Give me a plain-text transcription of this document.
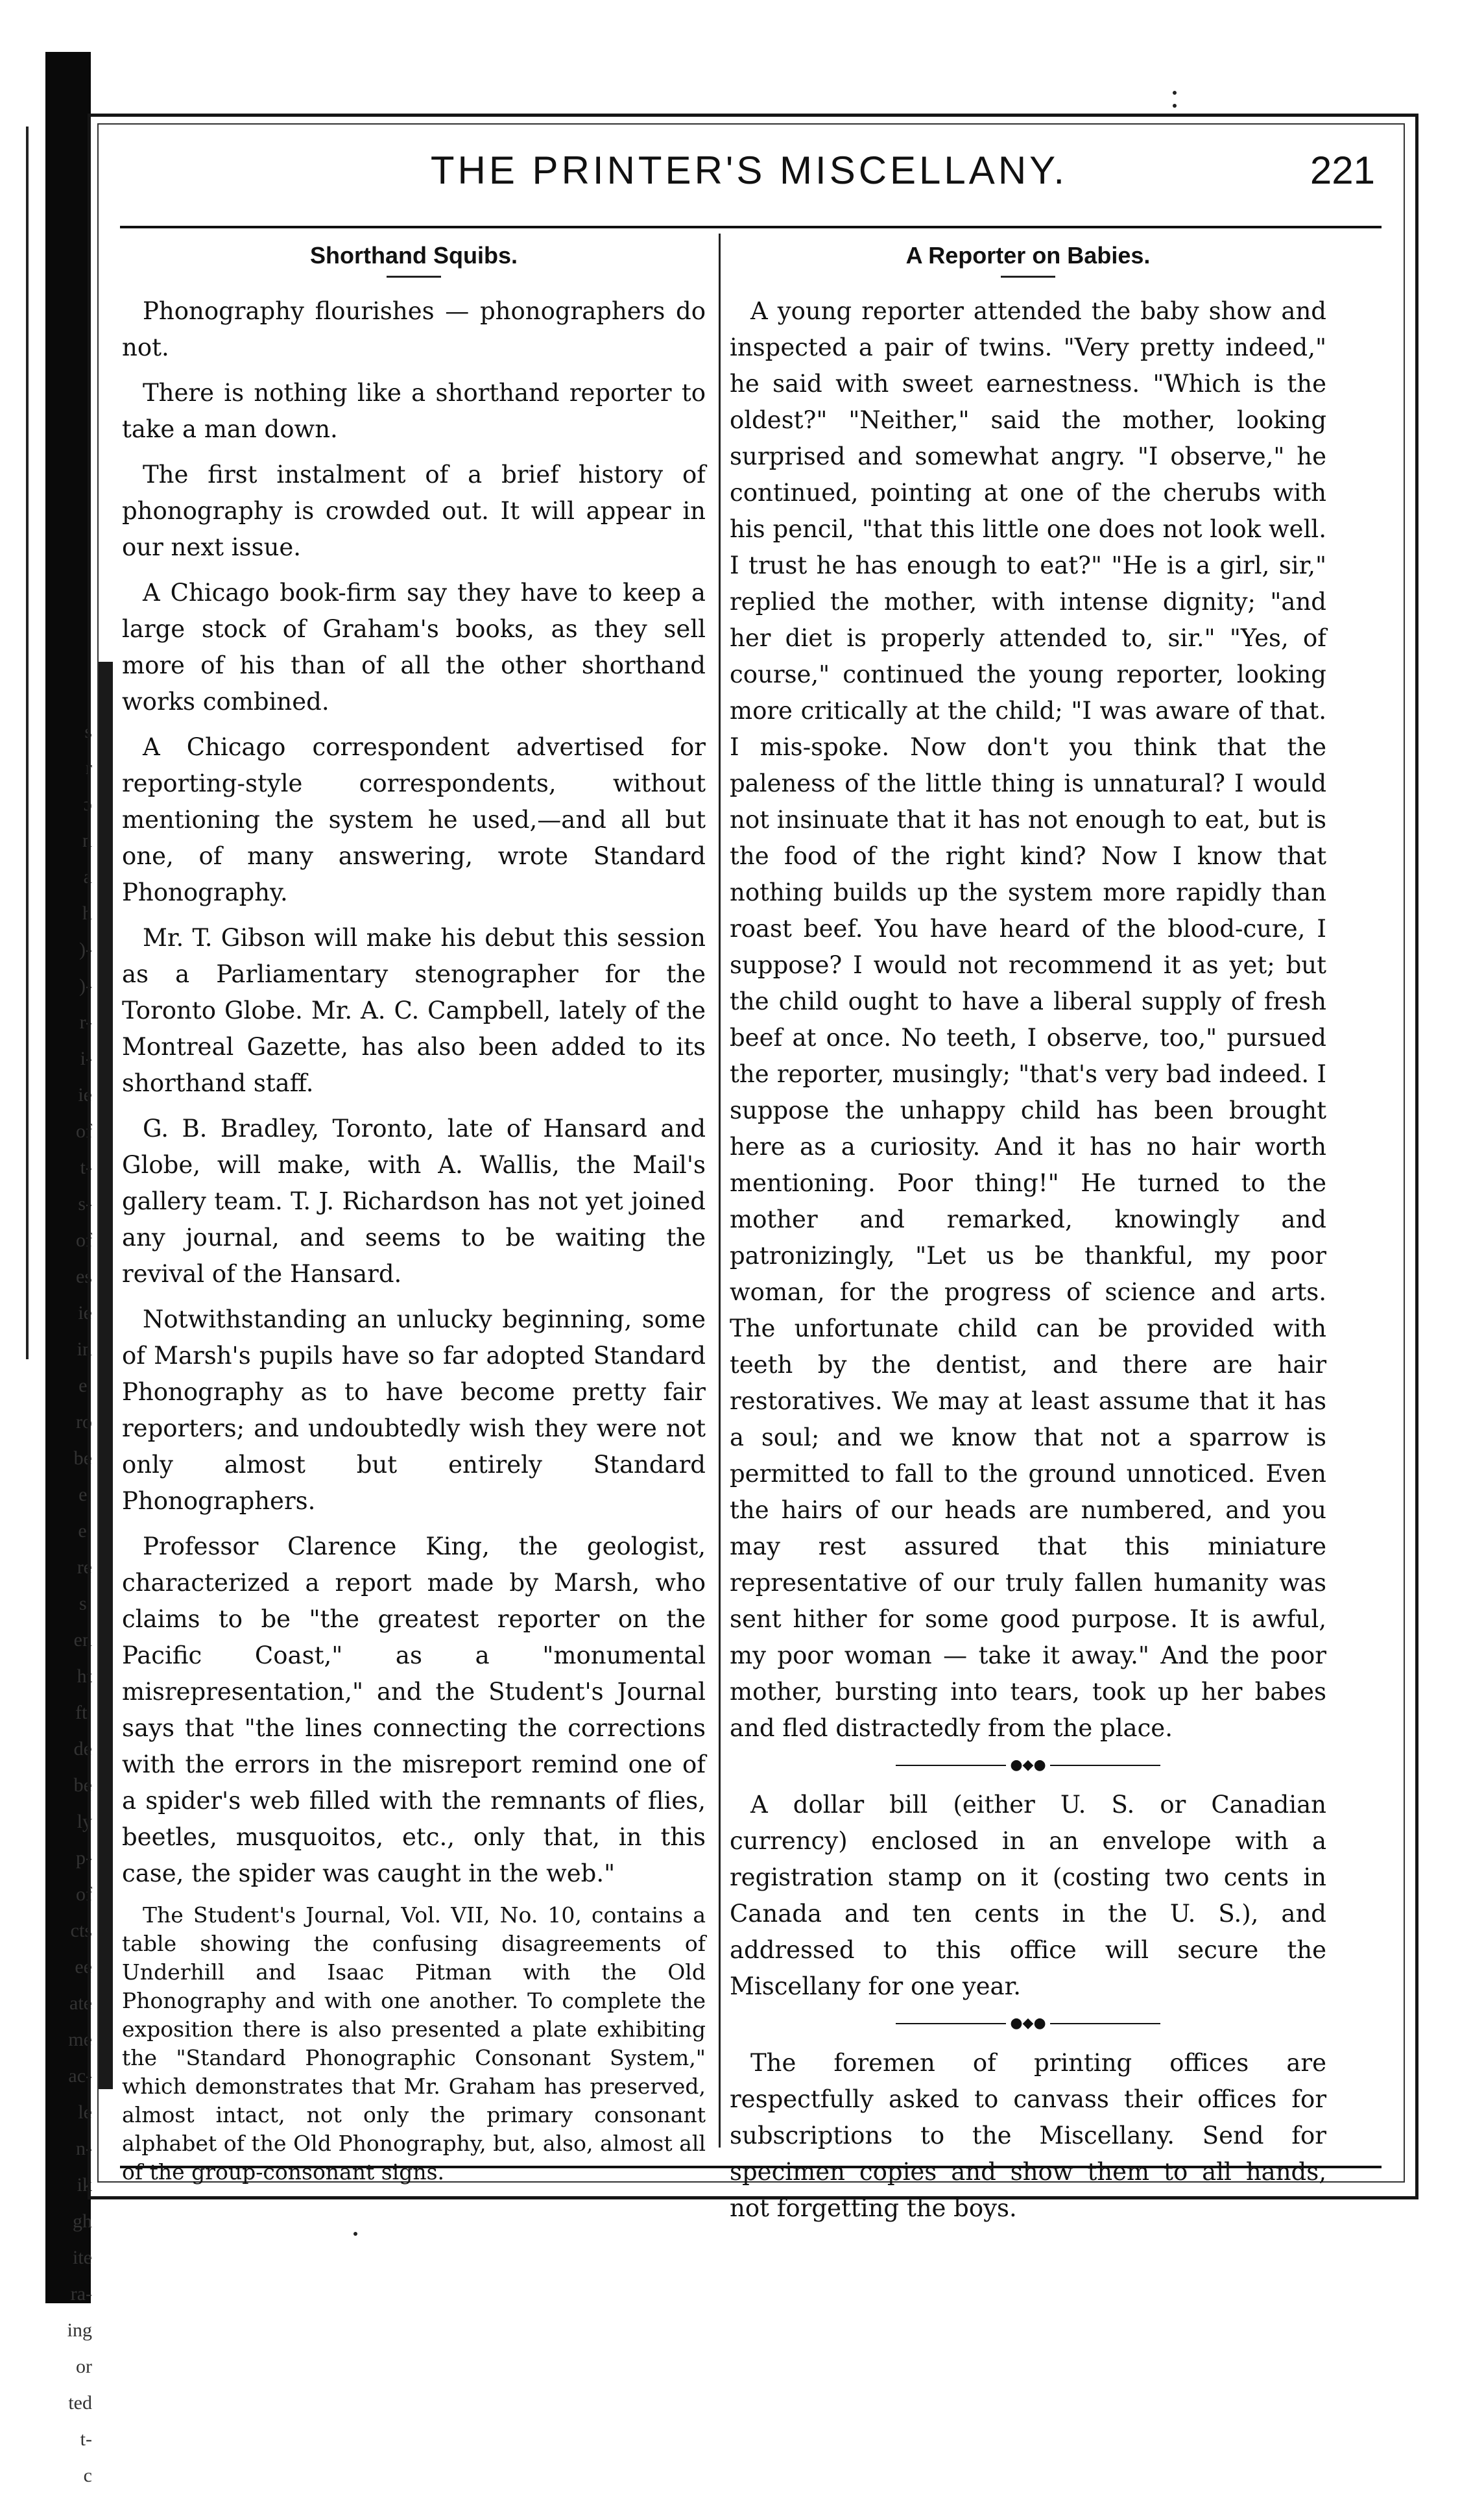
s
r
ɔ
n
a
h
)-
)-
r-
i-
ie
of
t-
s-
of
es
ie
in
e,
ro
be
e,
e;
re
s;
en
ht
ft.
de
be
ly
p-
of
cts
ee
ate
me
ac-
le
n-
ik
gh
ite
ra-
ing
or
ted
t-
c
THE PRINTER'S MISCELLANY.	221
Shorthand Squibs.

Phonography flourishes — phonographers do not.

There is nothing like a shorthand reporter to take a man down.

The first instalment of a brief history of phonography is crowded out. It will appear in our next issue.

A Chicago book-firm say they have to keep a large stock of Graham's books, as they sell more of his than of all the other shorthand works combined.

A Chicago correspondent advertised for reporting-style correspondents, without mentioning the system he used,—and all but one, of many answering, wrote Standard Phonography.

Mr. T. Gibson will make his debut this session as a Parliamentary stenographer for the Toronto Globe. Mr. A. C. Campbell, lately of the Montreal Gazette, has also been added to its shorthand staff.

G. B. Bradley, Toronto, late of Hansard and Globe, will make, with A. Wallis, the Mail's gallery team. T. J. Richardson has not yet joined any journal, and seems to be waiting the revival of the Hansard.

Notwithstanding an unlucky beginning, some of Marsh's pupils have so far adopted Standard Phonography as to have become pretty fair reporters; and undoubtedly wish they were not only almost but entirely Standard Phonographers.

Professor Clarence King, the geologist, characterized a report made by Marsh, who claims to be "the greatest reporter on the Pacific Coast," as a "monumental misrepresentation," and the Student's Journal says that "the lines connecting the corrections with the errors in the misreport remind one of a spider's web filled with the remnants of flies, beetles, musquoitos, etc., only that, in this case, the spider was caught in the web."

The Student's Journal, Vol. VII, No. 10, contains a table showing the confusing disagreements of Underhill and Isaac Pitman with the Old Phonography and with one another. To complete the exposition there is also presented a plate exhibiting the "Standard Phonographic Consonant System," which demonstrates that Mr. Graham has preserved, almost intact, not only the primary consonant alphabet of the Old Phonography, but, also, almost all of the group-consonant signs.

A Reporter on Babies.

A young reporter attended the baby show and inspected a pair of twins. "Very pretty indeed," he said with sweet earnestness. "Which is the oldest?" "Neither," said the mother, looking surprised and somewhat angry. "I observe," he continued, pointing at one of the cherubs with his pencil, "that this little one does not look well. I trust he has enough to eat?" "He is a girl, sir," replied the mother, with intense dignity; "and her diet is properly attended to, sir." "Yes, of course," continued the young reporter, looking more critically at the child; "I was aware of that. I mis-spoke. Now don't you think that the paleness of the little thing is unnatural? I would not insinuate that it has not enough to eat, but is the food of the right kind? Now I know that nothing builds up the system more rapidly than roast beef. You have heard of the blood-cure, I suppose? I would not recommend it as yet; but the child ought to have a liberal supply of fresh beef at once. No teeth, I observe, too," pursued the reporter, musingly; "that's very bad indeed. I suppose the unhappy child has been brought here as a curiosity. And it has no hair worth mentioning. Poor thing!" He turned to the mother and remarked, knowingly and patronizingly, "Let us be thankful, my poor woman, for the progress of science and arts. The unfortunate child can be provided with teeth by the dentist, and there are hair restoratives. We may at least assume that it has a soul; and we know that not a sparrow is permitted to fall to the ground unnoticed. Even the hairs of our heads are numbered, and you may rest assured that this miniature representative of our truly fallen humanity was sent hither for some good purpose. It is awful, my poor woman — take it away." And the poor mother, bursting into tears, took up her babes and fled distractedly from the place.

●◆●

A dollar bill (either U. S. or Canadian currency) enclosed in an envelope with a registration stamp on it (costing two cents in Canada and ten cents in the U. S.), and addressed to this office will secure the Miscellany for one year.

●◆●

The foremen of printing offices are respectfully asked to canvass their offices for subscriptions to the Miscellany. Send for specimen copies and show them to all hands, not forgetting the boys.
